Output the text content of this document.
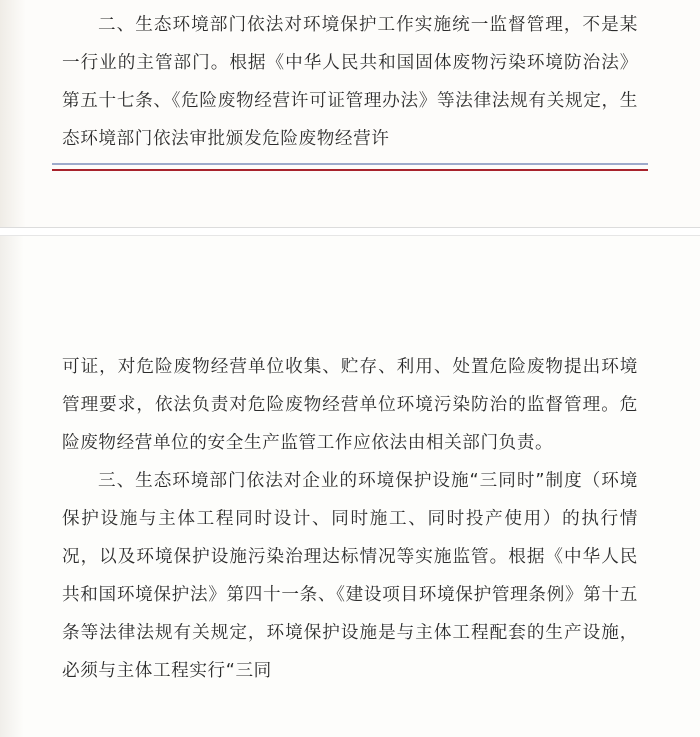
二、生态环境部门依法对环境保护工作实施统一监督管理，不是某一行业的主管部门。根据《中华人民共和国固体废物污染环境防治法》第五十七条、《危险废物经营许可证管理办法》等法律法规有关规定，生态环境部门依法审批颁发危险废物经营许

可证，对危险废物经营单位收集、贮存、利用、处置危险废物提出环境管理要求，依法负责对危险废物经营单位环境污染防治的监督管理。危险废物经营单位的安全生产监管工作应依法由相关部门负责。

三、生态环境部门依法对企业的环境保护设施“三同时”制度（环境保护设施与主体工程同时设计、同时施工、同时投产使用）的执行情况，以及环境保护设施污染治理达标情况等实施监管。根据《中华人民共和国环境保护法》第四十一条、《建设项目环境保护管理条例》第十五条等法律法规有关规定，环境保护设施是与主体工程配套的生产设施，必须与主体工程实行“三同
